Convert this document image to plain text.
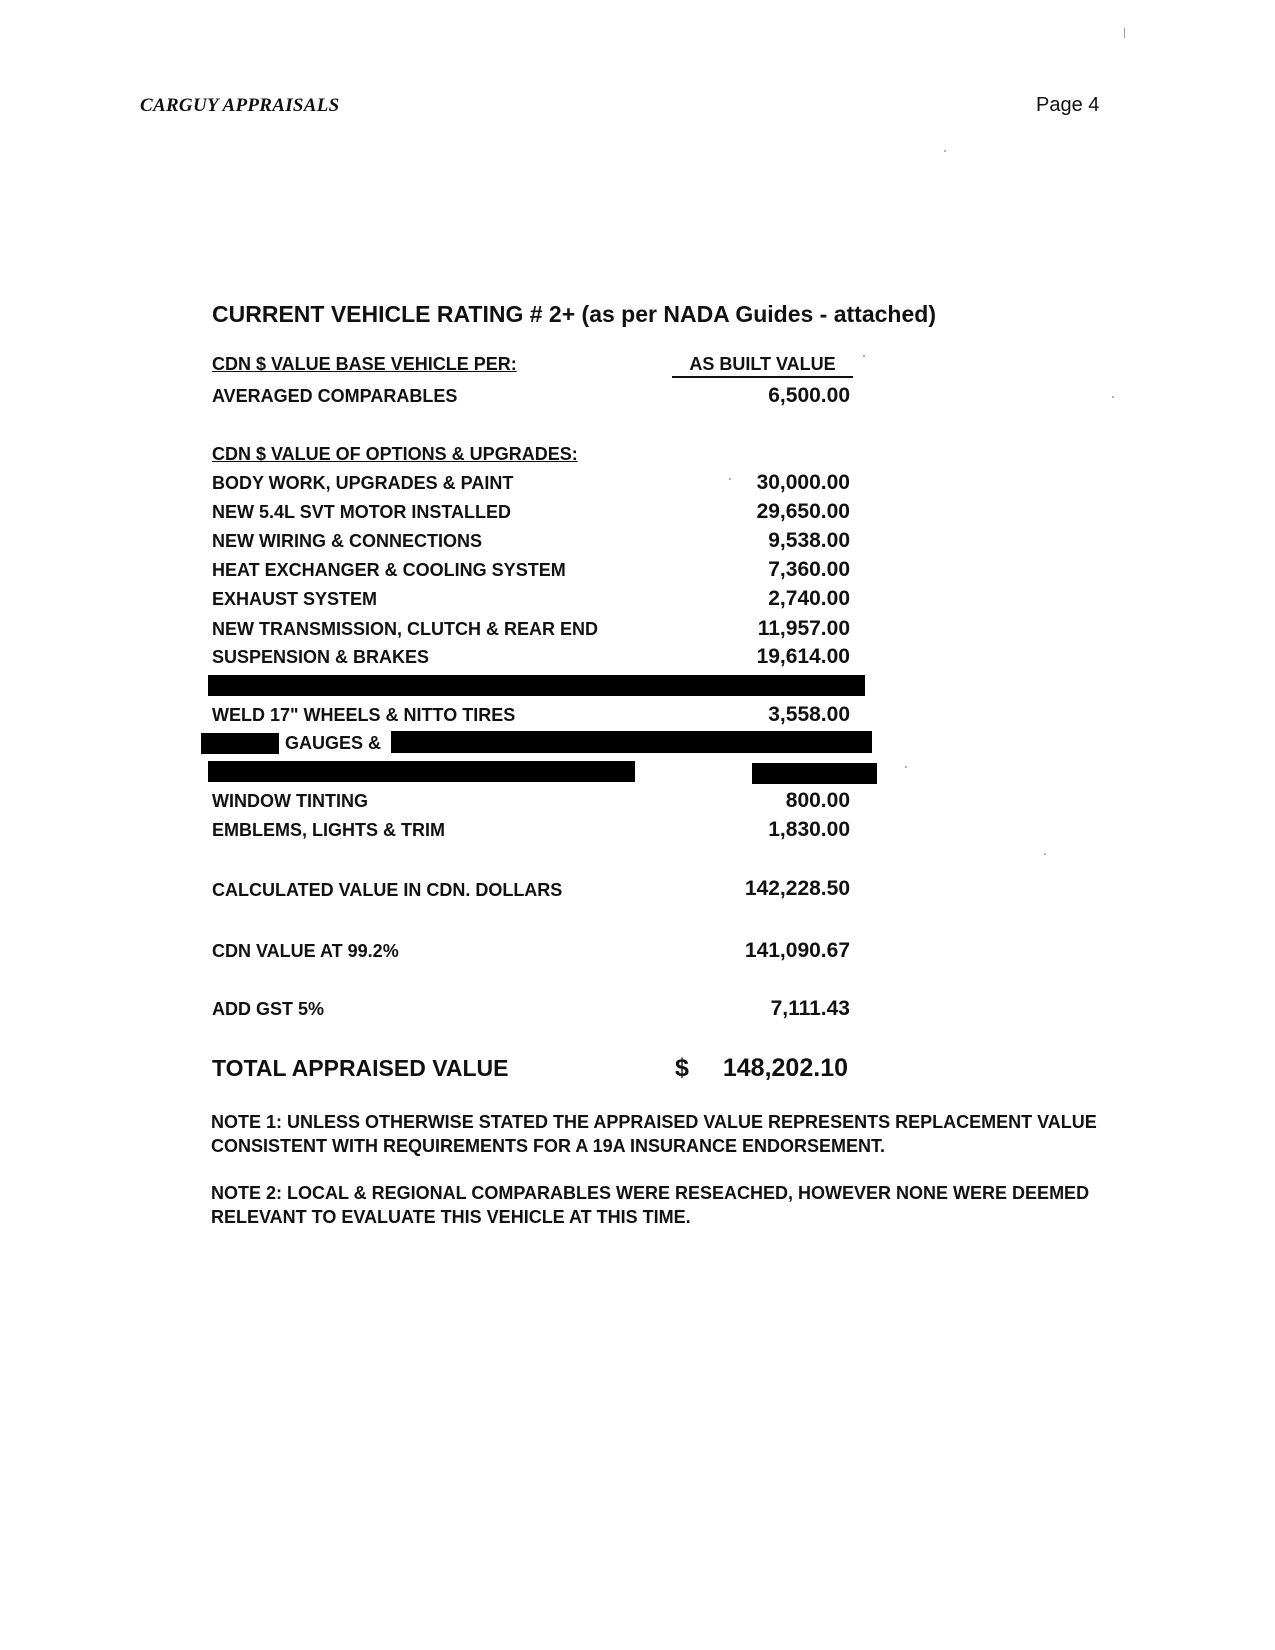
CARGUY APPRAISALS	Page 4
CURRENT VEHICLE RATING # 2+ (as per NADA Guides - attached)
CDN $ VALUE BASE VEHICLE PER:	AS BUILT VALUE
AVERAGED COMPARABLES	6,500.00
CDN $ VALUE OF OPTIONS & UPGRADES:
BODY WORK, UPGRADES & PAINT	30,000.00
NEW 5.4L SVT MOTOR INSTALLED	29,650.00
NEW WIRING & CONNECTIONS	9,538.00
HEAT EXCHANGER & COOLING SYSTEM	7,360.00
EXHAUST SYSTEM	2,740.00
NEW TRANSMISSION, CLUTCH & REAR END	11,957.00
SUSPENSION & BRAKES	19,614.00
WELD 17" WHEELS & NITTO TIRES	3,558.00
GAUGES &
WINDOW TINTING	800.00
EMBLEMS, LIGHTS & TRIM	1,830.00
CALCULATED VALUE IN CDN. DOLLARS	142,228.50
CDN VALUE AT 99.2%	141,090.67
ADD GST 5%	7,111.43
TOTAL APPRAISED VALUE	$ 148,202.10
NOTE 1: UNLESS OTHERWISE STATED THE APPRAISED VALUE REPRESENTS REPLACEMENT VALUE CONSISTENT WITH REQUIREMENTS FOR A 19A INSURANCE ENDORSEMENT.
NOTE 2: LOCAL & REGIONAL COMPARABLES WERE RESEACHED, HOWEVER NONE WERE DEEMED RELEVANT TO EVALUATE THIS VEHICLE AT THIS TIME.
